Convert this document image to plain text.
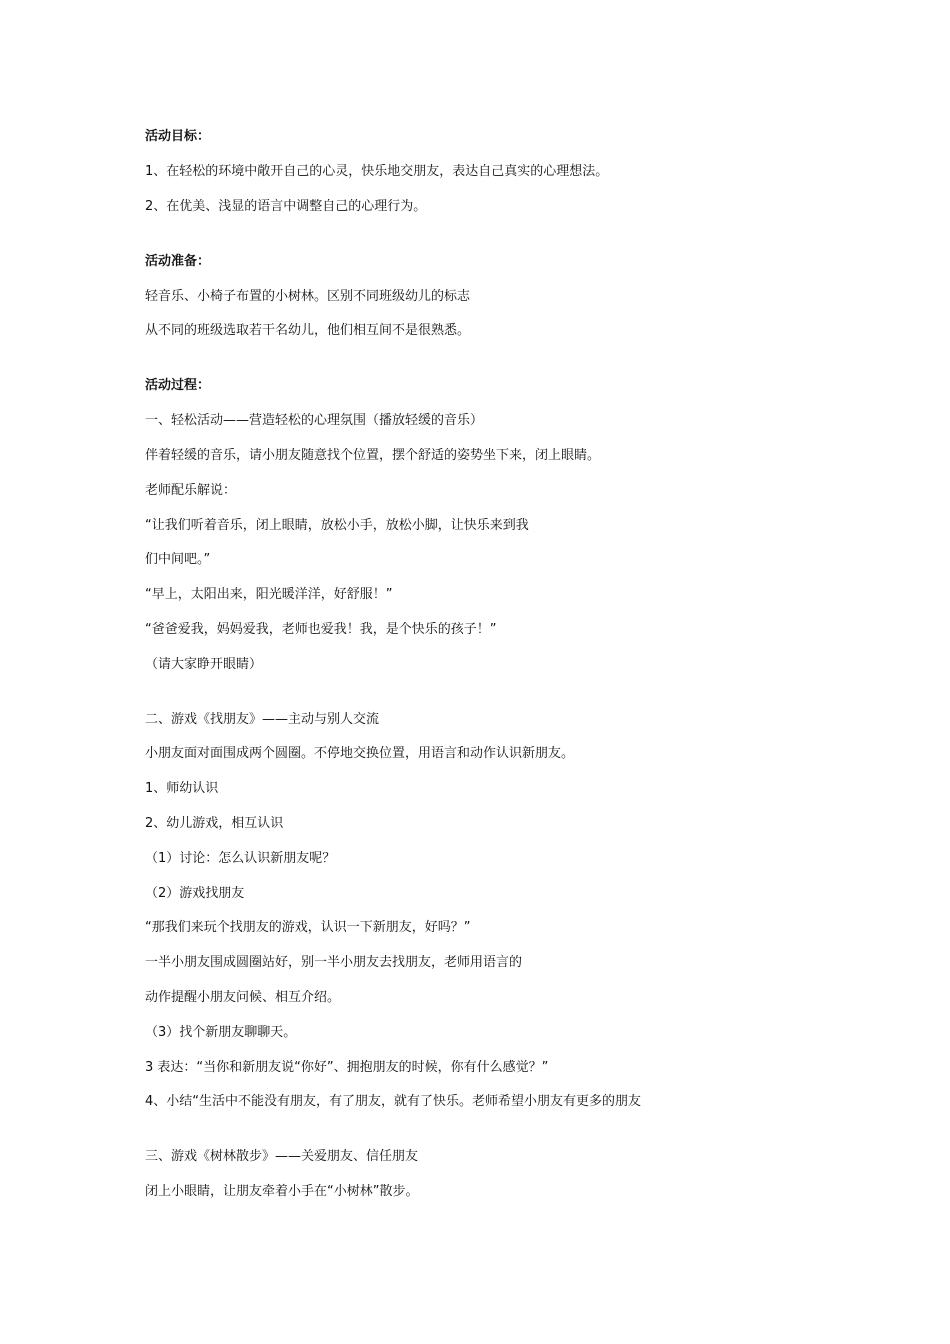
活动目标：
1、在轻松的环境中敞开自己的心灵，快乐地交朋友，表达自己真实的心理想法。
2、在优美、浅显的语言中调整自己的心理行为。
活动准备：
轻音乐、小椅子布置的小树林。区别不同班级幼儿的标志
从不同的班级选取若干名幼儿，他们相互间不是很熟悉。
活动过程：
一、轻松活动——营造轻松的心理氛围（播放轻缓的音乐）
伴着轻缓的音乐，请小朋友随意找个位置，摆个舒适的姿势坐下来，闭上眼睛。
老师配乐解说：
“让我们听着音乐，闭上眼睛，放松小手，放松小脚，让快乐来到我
们中间吧。”
“早上，太阳出来，阳光暖洋洋，好舒服！”
“爸爸爱我，妈妈爱我，老师也爱我！我，是个快乐的孩子！”
（请大家睁开眼睛）
二、游戏《找朋友》——主动与别人交流
小朋友面对面围成两个圆圈。不停地交换位置，用语言和动作认识新朋友。
1、师幼认识
2、幼儿游戏，相互认识
（1）讨论：怎么认识新朋友呢？
（2）游戏找朋友
“那我们来玩个找朋友的游戏，认识一下新朋友，好吗？”
一半小朋友围成圆圈站好，别一半小朋友去找朋友，老师用语言的
动作提醒小朋友问候、相互介绍。
（3）找个新朋友聊聊天。
3 表达：“当你和新朋友说“你好”、拥抱朋友的时候，你有什么感觉？”
4、小结“生活中不能没有朋友，有了朋友，就有了快乐。老师希望小朋友有更多的朋友
三、游戏《树林散步》——关爱朋友、信任朋友
闭上小眼睛，让朋友牵着小手在“小树林”散步。
